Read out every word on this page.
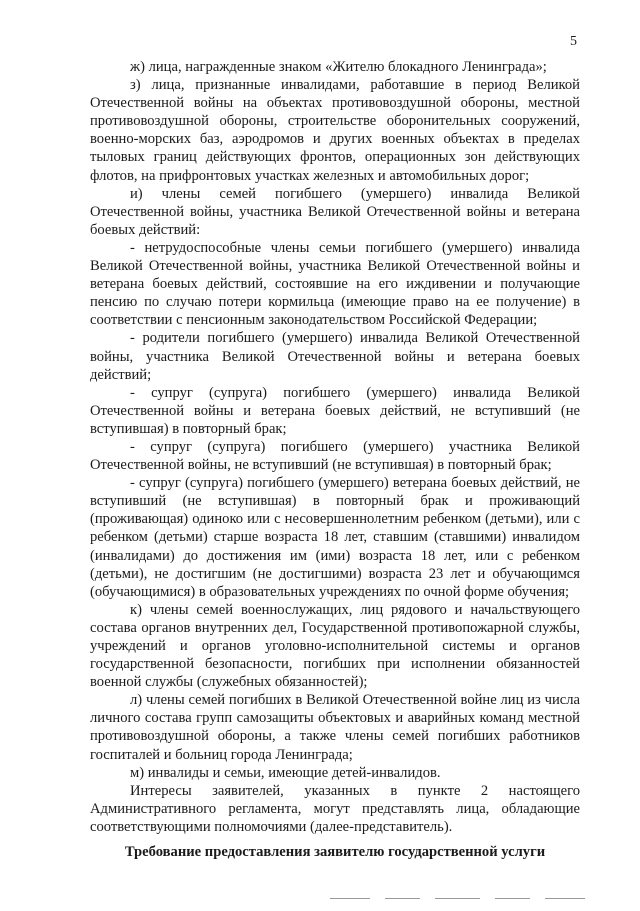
5

ж) лица, награжденные знаком «Жителю блокадного Ленинграда»;

з) лица, признанные инвалидами, работавшие в период Великой Отечественной войны на объектах противовоздушной обороны, местной противовоздушной обороны, строительстве оборонительных сооружений, военно-морских баз, аэродромов и других военных объектах в пределах тыловых границ действующих фронтов, операционных зон действующих флотов, на прифронтовых участках железных и автомобильных дорог;

и) члены семей погибшего (умершего) инвалида Великой Отечественной войны, участника Великой Отечественной войны и ветерана боевых действий:

- нетрудоспособные члены семьи погибшего (умершего) инвалида Великой Отечественной войны, участника Великой Отечественной войны и ветерана боевых действий, состоявшие на его иждивении и получающие пенсию по случаю потери кормильца (имеющие право на ее получение) в соответствии с пенсионным законодательством Российской Федерации;

- родители погибшего (умершего) инвалида Великой Отечественной войны, участника Великой Отечественной войны и ветерана боевых действий;

- супруг (супруга) погибшего (умершего) инвалида Великой Отечественной войны и ветерана боевых действий, не вступивший (не вступившая) в повторный брак;

- супруг (супруга) погибшего (умершего) участника Великой Отечественной войны, не вступивший (не вступившая) в повторный брак;

- супруг (супруга) погибшего (умершего) ветерана боевых действий, не вступивший (не вступившая) в повторный брак и проживающий (проживающая) одиноко или с несовершеннолетним ребенком (детьми), или с ребенком (детьми) старше возраста 18 лет, ставшим (ставшими) инвалидом (инвалидами) до достижения им (ими) возраста 18 лет, или с ребенком (детьми), не достигшим (не достигшими) возраста 23 лет и обучающимся (обучающимися) в образовательных учреждениях по очной форме обучения;

к) члены семей военнослужащих, лиц рядового и начальствующего состава органов внутренних дел, Государственной противопожарной службы, учреждений и органов уголовно-исполнительной системы и органов государственной безопасности, погибших при исполнении обязанностей военной службы (служебных обязанностей);

л) члены семей погибших в Великой Отечественной войне лиц из числа личного состава групп самозащиты объектовых и аварийных команд местной противовоздушной обороны, а также члены семей погибших работников госпиталей и больниц города Ленинграда;

м) инвалиды и семьи, имеющие детей-инвалидов.

Интересы заявителей, указанных в пункте 2 настоящего Административного регламента, могут представлять лица, обладающие соответствующими полномочиями (далее-представитель).

Требование предоставления заявителю государственной услуги
